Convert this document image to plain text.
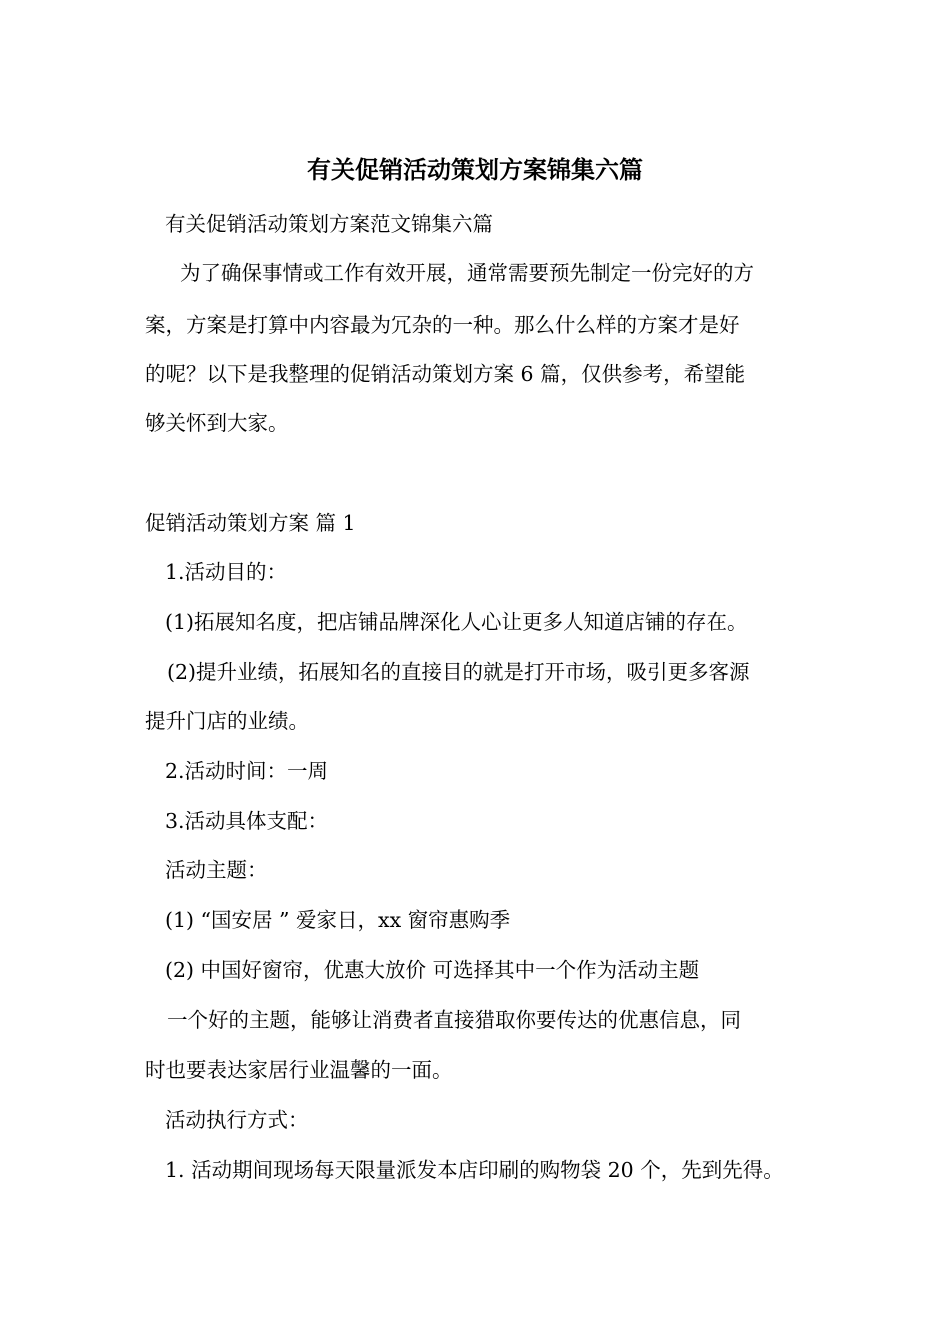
有关促销活动策划方案锦集六篇

有关促销活动策划方案范文锦集六篇

为了确保事情或工作有效开展，通常需要预先制定一份完好的方

案，方案是打算中内容最为冗杂的一种。那么什么样的方案才是好

的呢？以下是我整理的促销活动策划方案 6 篇，仅供参考，希望能

够关怀到大家。

促销活动策划方案 篇 1

1.活动目的：

(1)拓展知名度，把店铺品牌深化人心让更多人知道店铺的存在。

(2)提升业绩，拓展知名的直接目的就是打开市场，吸引更多客源

提升门店的业绩。

2.活动时间：一周

3.活动具体支配：

活动主题：

(1) “国安居 ” 爱家日，xx 窗帘惠购季

(2) 中国好窗帘，优惠大放价 可选择其中一个作为活动主题

一个好的主题，能够让消费者直接猎取你要传达的优惠信息，同

时也要表达家居行业温馨的一面。

活动执行方式：

1. 活动期间现场每天限量派发本店印刷的购物袋 20 个，先到先得。
